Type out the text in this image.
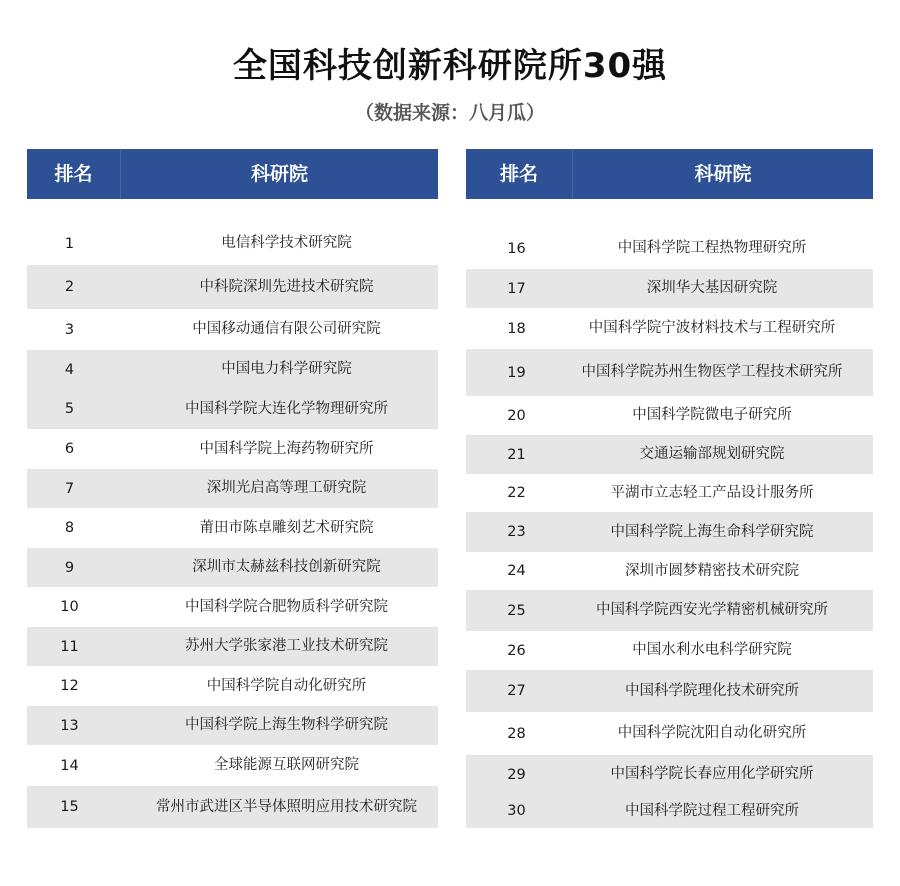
全国科技创新科研院所30强
（数据来源：八月瓜）
排名	科研院	排名	科研院
1	电信科学技术研究院
2	中科院深圳先进技术研究院
3	中国移动通信有限公司研究院
4	中国电力科学研究院
5	中国科学院大连化学物理研究所
6	中国科学院上海药物研究所
7	深圳光启高等理工研究院
8	莆田市陈卓雕刻艺术研究院
9	深圳市太赫兹科技创新研究院
10	中国科学院合肥物质科学研究院
11	苏州大学张家港工业技术研究院
12	中国科学院自动化研究所
13	中国科学院上海生物科学研究院
14	全球能源互联网研究院
15	常州市武进区半导体照明应用技术研究院
16	中国科学院工程热物理研究所
17	深圳华大基因研究院
18	中国科学院宁波材料技术与工程研究所
19	中国科学院苏州生物医学工程技术研究所
20	中国科学院微电子研究所
21	交通运输部规划研究院
22	平湖市立志轻工产品设计服务所
23	中国科学院上海生命科学研究院
24	深圳市圆梦精密技术研究院
25	中国科学院西安光学精密机械研究所
26	中国水利水电科学研究院
27	中国科学院理化技术研究所
28	中国科学院沈阳自动化研究所
29	中国科学院长春应用化学研究所
30	中国科学院过程工程研究所
